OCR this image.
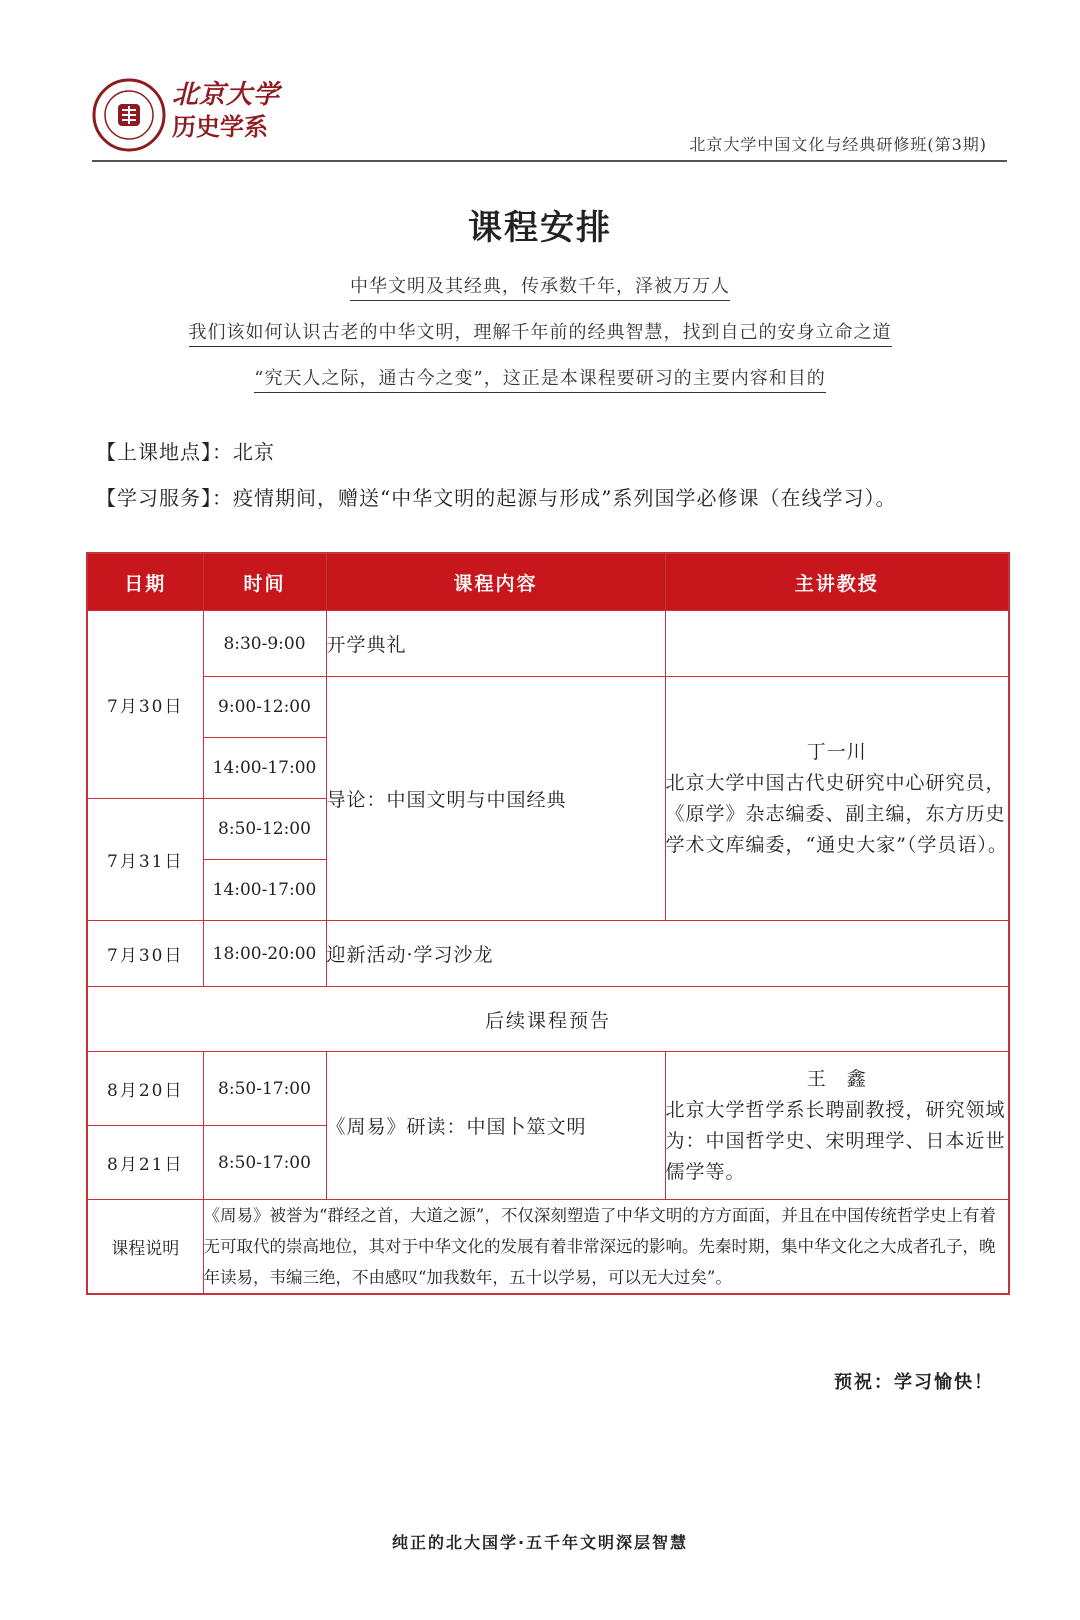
北京大学
历史学系
北京大学中国文化与经典研修班(第3期)
课程安排
中华文明及其经典，传承数千年，泽被万万人
我们该如何认识古老的中华文明，理解千年前的经典智慧，找到自己的安身立命之道
“究天人之际，通古今之变”，这正是本课程要研习的主要内容和目的
【上课地点】：北京
【学习服务】：疫情期间，赠送“中华文明的起源与形成”系列国学必修课（在线学习）。
日期	时间	课程内容	主讲教授
7月30日	8:30-9:00	开学典礼	
	9:00-12:00	导论：中国文明与中国经典	丁一川
北京大学中国古代史研究中心研究员，《原学》杂志编委、副主编，东方历史学术文库编委，“通史大家”（学员语）。

	14:00-17:00		
7月31日	8:50-12:00		
	14:00-17:00		
7月30日	18:00-20:00	迎新活动·学习沙龙	
后续课程预告			
8月20日	8:50-17:00	《周易》研读：中国卜筮文明	王　鑫
北京大学哲学系长聘副教授，研究领域为：中国哲学史、宋明理学、日本近世儒学等。

8月21日	8:50-17:00		
课程说明	《周易》被誉为“群经之首，大道之源”，不仅深刻塑造了中华文明的方方面面，并且在中国传统哲学史上有着无可取代的崇高地位，其对于中华文化的发展有着非常深远的影响。先秦时期，集中华文化之大成者孔子，晚年读易，韦编三绝，不由感叹“加我数年，五十以学易，可以无大过矣”。		
预祝：学习愉快！
纯正的北大国学·五千年文明深层智慧
